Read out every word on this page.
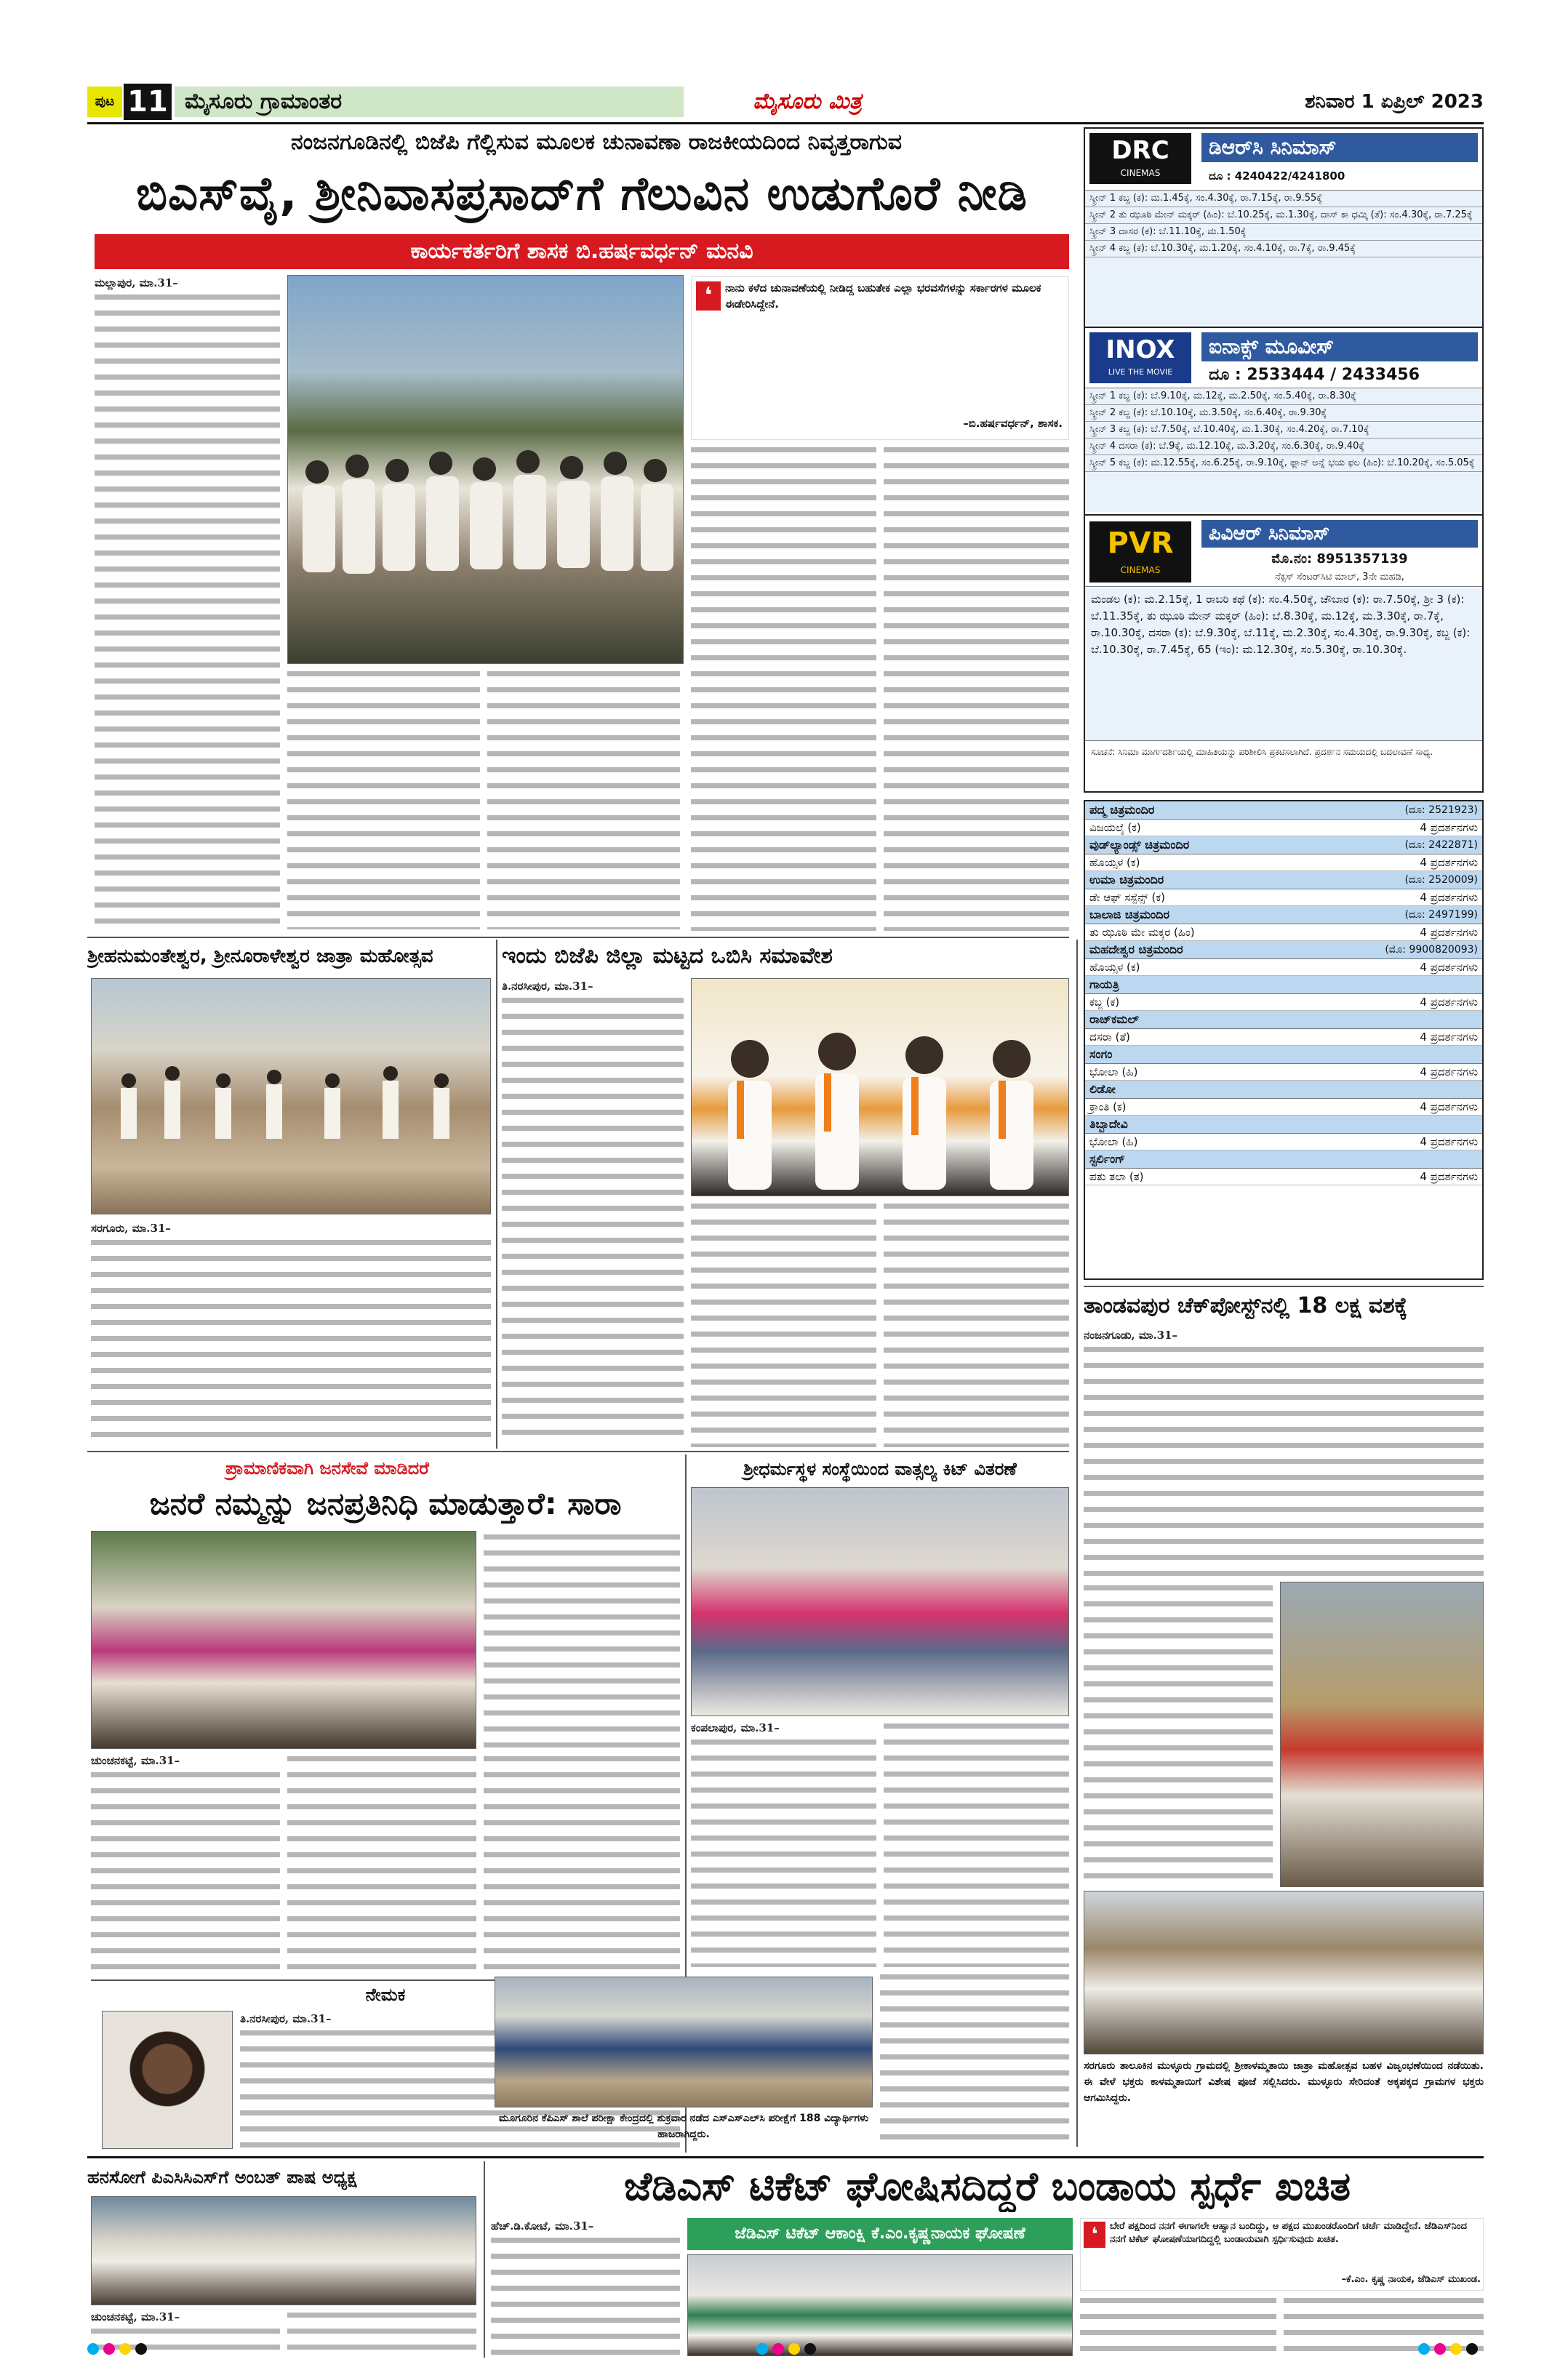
ಪುಟ 11 ಮೈಸೂರು ಗ್ರಾಮಾಂತರ	ಮೈಸೂರು ಮಿತ್ರ	ಶನಿವಾರ 1 ಏಪ್ರಿಲ್ 2023
ನಂಜನಗೂಡಿನಲ್ಲಿ ಬಿಜೆಪಿ ಗೆಲ್ಲಿಸುವ ಮೂಲಕ ಚುನಾವಣಾ ರಾಜಕೀಯದಿಂದ ನಿವೃತ್ತರಾಗುವ
ಬಿಎಸ್‌ವೈ, ಶ್ರೀನಿವಾಸಪ್ರಸಾದ್‌ಗೆ ಗೆಲುವಿನ ಉಡುಗೊರೆ ನೀಡಿ
ಕಾರ್ಯಕರ್ತರಿಗೆ ಶಾಸಕ ಬಿ.ಹರ್ಷವರ್ಧನ್ ಮನವಿ
ಮಲ್ಲಾಪುರ, ಮಾ.31–	❛	ನಾನು ಕಳೆದ ಚುನಾವಣೆಯಲ್ಲಿ ನೀಡಿದ್ದ ಬಹುತೇಕ ಎಲ್ಲಾ ಭರವಸೆಗಳನ್ನು ಸರ್ಕಾರಗಳ ಮೂಲಕ ಈಡೇರಿಸಿದ್ದೇನೆ.
–ಬಿ.ಹರ್ಷವರ್ಧನ್, ಶಾಸಕ.
DRC
CINEMAS
ಡಿಆರ್‌ಸಿ ಸಿನಿಮಾಸ್
ದೂ : 4240422/4241800
ಸ್ಕ್ರೀನ್ 1 ಕಬ್ಜ (ಕ): ಮ.1.45ಕ್ಕೆ, ಸಂ.4.30ಕ್ಕೆ, ರಾ.7.15ಕ್ಕೆ, ರಾ.9.55ಕ್ಕೆ
ಸ್ಕ್ರೀನ್ 2 ತು ಝೂಠಿ ಮೇನ್ ಮಕ್ಕರ್ (ಹಿಂ): ಬೆ.10.25ಕ್ಕೆ, ಮ.1.30ಕ್ಕೆ, ದಾಸ್ ಕಾ ಧಮ್ಕಿ (ತೆ): ಸಂ.4.30ಕ್ಕೆ, ರಾ.7.25ಕ್ಕೆ
ಸ್ಕ್ರೀನ್ 3 ದಾಸರ (ಕ): ಬೆ.11.10ಕ್ಕೆ, ಮ.1.50ಕ್ಕೆ
ಸ್ಕ್ರೀನ್ 4 ಕಬ್ಜ (ಕ): ಬೆ.10.30ಕ್ಕೆ, ಮ.1.20ಕ್ಕೆ, ಸಂ.4.10ಕ್ಕೆ, ರಾ.7ಕ್ಕೆ, ರಾ.9.45ಕ್ಕೆ
INOX
LIVE THE MOVIE
ಐನಾಕ್ಸ್ ಮೂವೀಸ್
ದೂ : 2533444 / 2433456
ಸ್ಕ್ರೀನ್ 1 ಕಬ್ಜ (ಕ): ಬೆ.9.10ಕ್ಕೆ, ಮ.12ಕ್ಕೆ, ಮ.2.50ಕ್ಕೆ, ಸಂ.5.40ಕ್ಕೆ, ರಾ.8.30ಕ್ಕೆ
ಸ್ಕ್ರೀನ್ 2 ಕಬ್ಜ (ಕ): ಬೆ.10.10ಕ್ಕೆ, ಮ.3.50ಕ್ಕೆ, ಸಂ.6.40ಕ್ಕೆ, ರಾ.9.30ಕ್ಕೆ
ಸ್ಕ್ರೀನ್ 3 ಕಬ್ಜ (ಕ): ಬೆ.7.50ಕ್ಕೆ, ಬೆ.10.40ಕ್ಕೆ, ಮ.1.30ಕ್ಕೆ, ಸಂ.4.20ಕ್ಕೆ, ರಾ.7.10ಕ್ಕೆ
ಸ್ಕ್ರೀನ್ 4 ದಸರಾ (ಕ): ಬೆ.9ಕ್ಕೆ, ಮ.12.10ಕ್ಕೆ, ಮ.3.20ಕ್ಕೆ, ಸಂ.6.30ಕ್ಕೆ, ರಾ.9.40ಕ್ಕೆ
ಸ್ಕ್ರೀನ್ 5 ಕಬ್ಜ (ಕ): ಮ.12.55ಕ್ಕೆ, ಸಂ.6.25ಕ್ಕೆ, ರಾ.9.10ಕ್ಕೆ, ಫ್ಲಾನ್ ಅನ್ನೆ ಭಯ ಫಲ (ಹಿಂ): ಬೆ.10.20ಕ್ಕೆ, ಸಂ.5.05ಕ್ಕೆ
PVR
CINEMAS
ಪಿವಿಆರ್ ಸಿನಿಮಾಸ್
ಮೊ.ನಂ: 8951357139
ನೆಕ್ಸಸ್ ಸೆಂಟರ್‌ಸಿಟಿ ಮಾಲ್, 3ನೇ ಮಹಡಿ,
ಮಂಡಲ (ಕ): ಮ.2.15ಕ್ಕೆ, 1 ರಾಬರಿ ಕಥೆ (ಕ): ಸಂ.4.50ಕ್ಕೆ, ಚೌಬಾರ (ಕ): ರಾ.7.50ಕ್ಕೆ, ಶ್ರೀ 3 (ಕ): ಬೆ.11.35ಕ್ಕೆ, ತು ಝೂಠಿ ಮೇನ್ ಮಕ್ಕರ್ (ಹಿಂ): ಬೆ.8.30ಕ್ಕೆ, ಮ.12ಕ್ಕೆ, ಮ.3.30ಕ್ಕೆ, ರಾ.7ಕ್ಕೆ, ರಾ.10.30ಕ್ಕೆ, ದಸರಾ (ಕ): ಬೆ.9.30ಕ್ಕೆ, ಬೆ.11ಕ್ಕೆ, ಮ.2.30ಕ್ಕೆ, ಸಂ.4.30ಕ್ಕೆ, ರಾ.9.30ಕ್ಕೆ, ಕಬ್ಜ (ಕ): ಬೆ.10.30ಕ್ಕೆ, ರಾ.7.45ಕ್ಕೆ, 65 (ಇಂ): ಮ.12.30ಕ್ಕೆ, ಸಂ.5.30ಕ್ಕೆ, ರಾ.10.30ಕ್ಕೆ.
ಸೂಚನೆ: ಸಿನಿಮಾ ಮಾರ್ಗದರ್ಶಿಯಲ್ಲಿ ಮಾಹಿತಿಯನ್ನು ಪರಿಶೀಲಿಸಿ ಪ್ರಕಟಿಸಲಾಗಿದೆ. ಪ್ರದರ್ಶನ ಸಮಯದಲ್ಲಿ ಬದಲಾವಣೆ ಸಾಧ್ಯ.
ಪದ್ಮ ಚಿತ್ರಮಂದಿರ	(ದೂ: 2521923)
ವಿಜಯಲ್ಕೆ (ಕ)	4 ಪ್ರದರ್ಶನಗಳು
ವುಡ್‌ಲ್ಯಾಂಡ್ಸ್ ಚಿತ್ರಮಂದಿರ	(ದೂ: 2422871)
ಹೊಯ್ಸಳ (ಕ)	4 ಪ್ರದರ್ಶನಗಳು
ಉಮಾ ಚಿತ್ರಮಂದಿರ	(ದೂ: 2520009)
ಡೇ ಆಫ್ ಸಸ್ಪೆನ್ಸ್ (ಕ)	4 ಪ್ರದರ್ಶನಗಳು
ಬಾಲಾಜಿ ಚಿತ್ರಮಂದಿರ	(ದೂ: 2497199)
ತು ಝೂಠಿ ಮೇ ಮಕ್ಕರ (ಹಿಂ)	4 ಪ್ರದರ್ಶನಗಳು
ಮಹದೇಶ್ವರ ಚಿತ್ರಮಂದಿರ	(ಮೊ: 9900820093)
ಹೊಯ್ಸಳ (ಕ)	4 ಪ್ರದರ್ಶನಗಳು
ಗಾಯತ್ರಿ
ಕಬ್ಜ (ಕ)	4 ಪ್ರದರ್ಶನಗಳು
ರಾಜ್‌ಕಮಲ್
ದಸರಾ (ತೆ)	4 ಪ್ರದರ್ಶನಗಳು
ಸಂಗಂ
ಭೋಲಾ (ಹಿ)	4 ಪ್ರದರ್ಶನಗಳು
ಲಿಡೋ
ಕ್ರಾಂತಿ (ಕ)	4 ಪ್ರದರ್ಶನಗಳು
ತಿಬ್ಬಾದೇವಿ
ಭೋಲಾ (ಹಿ)	4 ಪ್ರದರ್ಶನಗಳು
ಸ್ಟರ್ಲಿಂಗ್
ಪತು ತಲಾ (ತ)	4 ಪ್ರದರ್ಶನಗಳು
ತಾಂಡವಪುರ ಚೆಕ್‌ಪೋಸ್ಟ್‌ನಲ್ಲಿ 18 ಲಕ್ಷ ವಶಕ್ಕೆ
ನಂಜನಗೂಡು, ಮಾ.31–
ಸರಗೂರು ತಾಲೂಕಿನ ಮುಳ್ಳೂರು ಗ್ರಾಮದಲ್ಲಿ ಶ್ರೀಕಾಳಮ್ಮತಾಯಿ ಜಾತ್ರಾ ಮಹೋತ್ಸವ ಬಹಳ ವಿಜೃಂಭಣೆಯಿಂದ ನಡೆಯಿತು. ಈ ವೇಳೆ ಭಕ್ತರು ಕಾಳಮ್ಮತಾಯಿಗೆ ವಿಶೇಷ ಪೂಜೆ ಸಲ್ಲಿಸಿದರು. ಮುಳ್ಳೂರು ಸೇರಿದಂತೆ ಅಕ್ಕಪಕ್ಕದ ಗ್ರಾಮಗಳ ಭಕ್ತರು ಆಗಮಿಸಿದ್ದರು.
ಶ್ರೀಹನುಮಂತೇಶ್ವರ, ಶ್ರೀನೂರಾಳೇಶ್ವರ ಜಾತ್ರಾ ಮಹೋತ್ಸವ
ಸರಗೂರು, ಮಾ.31–
ಇಂದು ಬಿಜೆಪಿ ಜಿಲ್ಲಾ ಮಟ್ಟದ ಒಬಿಸಿ ಸಮಾವೇಶ
ತಿ.ನರಸೀಪುರ, ಮಾ.31–
ಪ್ರಾಮಾಣಿಕವಾಗಿ ಜನಸೇವೆ ಮಾಡಿದರೆ
ಜನರೆ ನಮ್ಮನ್ನು ಜನಪ್ರತಿನಿಧಿ ಮಾಡುತ್ತಾರೆ: ಸಾರಾ
ಚುಂಚನಕಟ್ಟೆ, ಮಾ.31–
ನೇಮಕ
ತಿ.ನರಸೀಪುರ, ಮಾ.31–
ಶ್ರೀಧರ್ಮಸ್ಥಳ ಸಂಸ್ಥೆಯಿಂದ ವಾತ್ಸಲ್ಯ ಕಿಟ್ ವಿತರಣೆ
ಕಂಪಲಾಪುರ, ಮಾ.31–
ಮೂಗೂರಿನ ಕೆಪಿಎಸ್ ಶಾಲೆ ಪರೀಕ್ಷಾ ಕೇಂದ್ರದಲ್ಲಿ ಶುಕ್ರವಾರ ನಡೆದ ಎಸ್‌ಎಸ್‌ಎಲ್‌ಸಿ ಪರೀಕ್ಷೆಗೆ 188 ವಿದ್ಯಾರ್ಥಿಗಳು ಹಾಜರಾಗಿದ್ದರು.
ಹನಸೋಗೆ ಪಿಎಸಿಸಿಎಸ್‌ಗೆ ಅಂಬತ್ ಪಾಷ ಅಧ್ಯಕ್ಷ
ಚುಂಚನಕಟ್ಟೆ, ಮಾ.31–
ಜೆಡಿಎಸ್ ಟಿಕೆಟ್ ಘೋಷಿಸದಿದ್ದರೆ ಬಂಡಾಯ ಸ್ಪರ್ಧೆ ಖಚಿತ
ಹೆಚ್.ಡಿ.ಕೋಟೆ, ಮಾ.31–	ಜೆಡಿಎಸ್ ಟಿಕೆಟ್ ಆಕಾಂಕ್ಷಿ ಕೆ.ಎಂ.ಕೃಷ್ಣನಾಯಕ ಘೋಷಣೆ	❛	ಬೇರೆ ಪಕ್ಷದಿಂದ ನನಗೆ ಈಗಾಗಲೇ ಆಹ್ವಾನ ಬಂದಿದ್ದು, ಆ ಪಕ್ಷದ ಮುಖಂಡರೊಂದಿಗೆ ಚರ್ಚೆ ಮಾಡಿದ್ದೇನೆ. ಜೆಡಿಎಸ್‌ನಿಂದ ನನಗೆ ಟಿಕೆಟ್ ಘೋಷಣೆಯಾಗದಿದ್ದಲ್ಲಿ ಬಂಡಾಯವಾಗಿ ಸ್ಪರ್ಧಿಸುವುದು ಖಚಿತ.
–ಕೆ.ಎಂ. ಕೃಷ್ಣ ನಾಯಕ, ಜೆಡಿಎಸ್ ಮುಖಂಡ.
